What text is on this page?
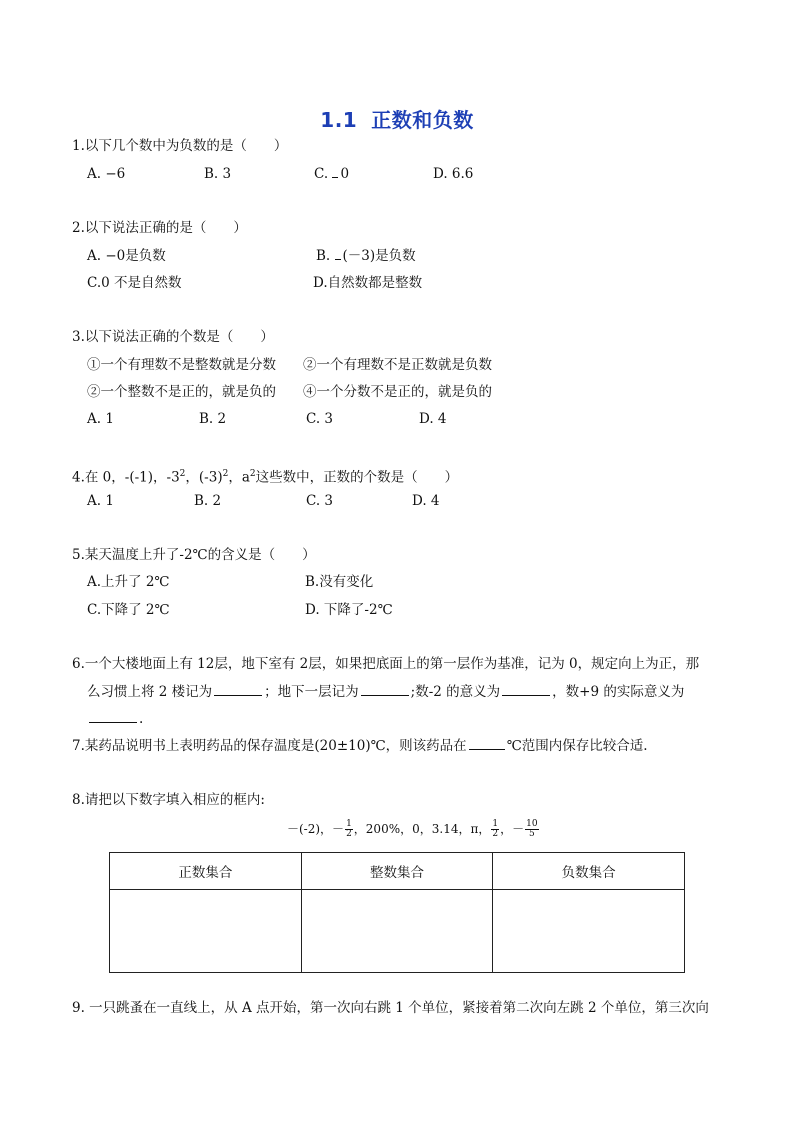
1.1 正数和负数
1.以下几个数中为负数的是（　　）
A. −6	B. 3	C. 0	D. 6.6
2.以下说法正确的是（　　）
A. −0是负数	B. (－3)是负数
C.0 不是自然数	D.自然数都是整数
3.以下说法正确的个数是（　　）
①一个有理数不是整数就是分数 ②一个有理数不是正数就是负数
②一个整数不是正的，就是负的 ④一个分数不是正的，就是负的
A. 1	B. 2	C. 3	D. 4
4.在 0，-(-1)，$-3^2$，$(-3)^2$，$a^2$这些数中，正数的个数是（　　）
A. 1	B. 2	C. 3	D. 4
5.某天温度上升了-2℃的含义是（　　）
A.上升了 2℃	B.没有变化
C.下降了 2℃	D. 下降了-2℃
6.一个大楼地面上有 12层，地下室有 2层，如果把底面上的第一层作为基准，记为 0，规定向上为正，那
么习惯上将 2 楼记为	；地下一层记为	;数-2 的意义为	，数+9 的实际意义为
.
7.某药品说明书上表明药品的保存温度是(20±10)℃，则该药品在	℃范围内保存比较合适.
8.请把以下数字填入相应的框内:
－(-2)，－ $\frac{1}{2}$ ，200%，0，3.14，π， $\frac{1}{2}$ ，－ $\frac{10}{5}$
正数集合	整数集合	负数集合

9. 一只跳蚤在一直线上，从 A 点开始，第一次向右跳 1 个单位，紧接着第二次向左跳 2 个单位，第三次向
